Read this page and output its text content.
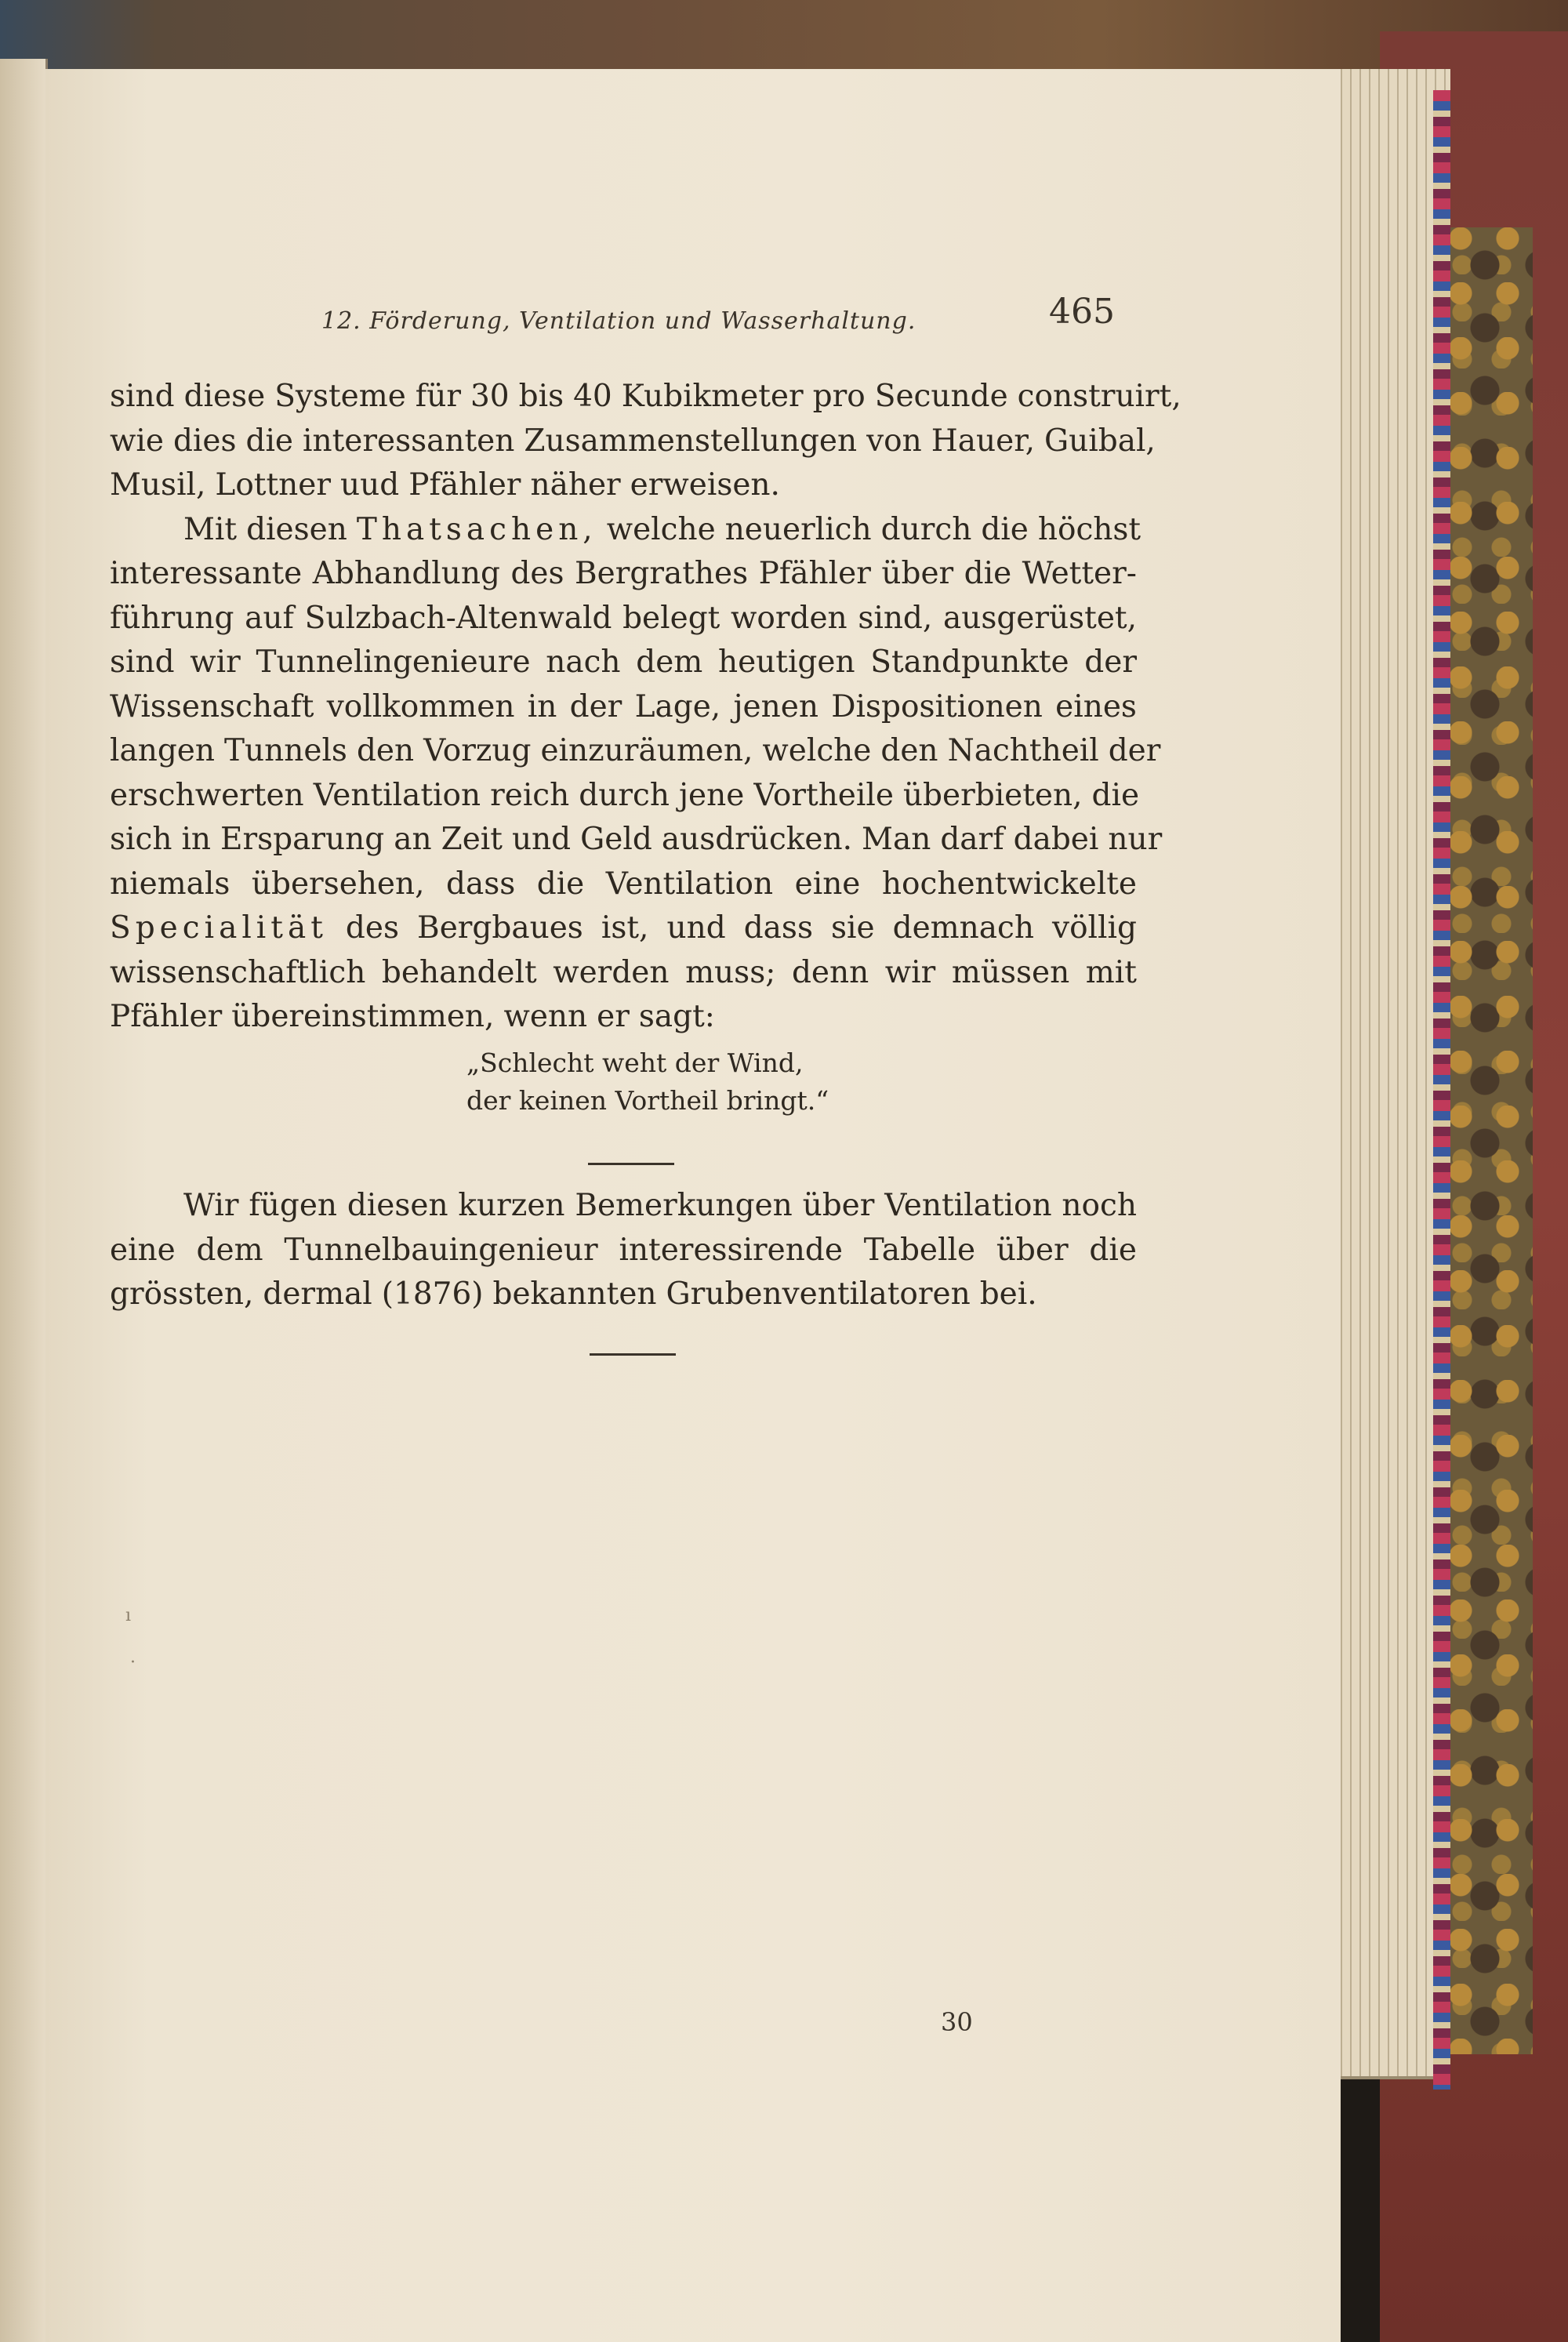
12. Förderung, Ventilation und Wasserhaltung.	465
sind diese Systeme für 30 bis 40 Kubikmeter pro Secunde construirt,
wie dies die interessanten Zusammenstellungen von Hauer, Guibal,
Musil, Lottner uud Pfähler näher erweisen.
Mit diesen Thatsachen, welche neuerlich durch die höchst
interessante Abhandlung des Bergrathes Pfähler über die Wetter-
führung auf Sulzbach-Altenwald belegt worden sind, ausgerüstet,
sind wir Tunnelingenieure nach dem heutigen Standpunkte der
Wissenschaft vollkommen in der Lage, jenen Dispositionen eines
langen Tunnels den Vorzug einzuräumen, welche den Nachtheil der
erschwerten Ventilation reich durch jene Vortheile überbieten, die
sich in Ersparung an Zeit und Geld ausdrücken. Man darf dabei nur
niemals übersehen, dass die Ventilation eine hochentwickelte
Specialität des Bergbaues ist, und dass sie demnach völlig
wissenschaftlich behandelt werden muss; denn wir müssen mit
Pfähler übereinstimmen, wenn er sagt:
„Schlecht weht der Wind,
der keinen Vortheil bringt.“
Wir fügen diesen kurzen Bemerkungen über Ventilation noch
eine dem Tunnelbauingenieur interessirende Tabelle über die
grössten, dermal (1876) bekannten Grubenventilatoren bei.
ı
·
30
